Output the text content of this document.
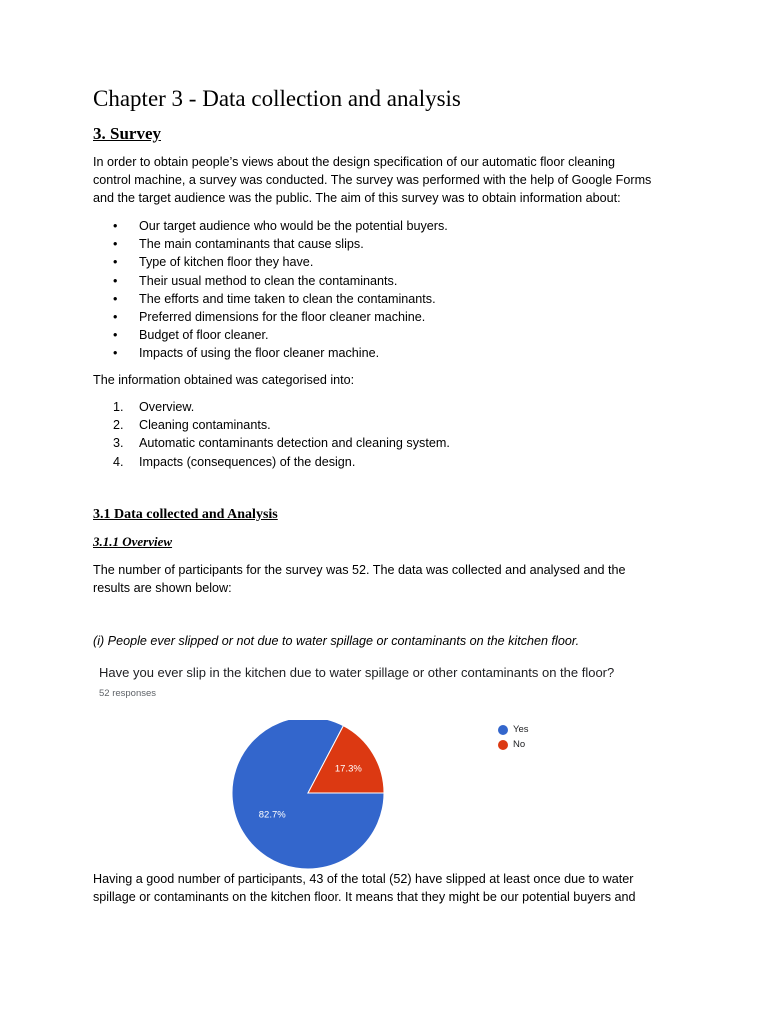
Chapter 3 - Data collection and analysis
3. Survey
In order to obtain people’s views about the design specification of our automatic floor cleaning
control machine, a survey was conducted. The survey was performed with the help of Google Forms
and the target audience was the public. The aim of this survey was to obtain information about:
• Our target audience who would be the potential buyers.
• The main contaminants that cause slips.
• Type of kitchen floor they have.
• Their usual method to clean the contaminants.
• The efforts and time taken to clean the contaminants.
• Preferred dimensions for the floor cleaner machine.
• Budget of floor cleaner.
• Impacts of using the floor cleaner machine.
The information obtained was categorised into:
1. Overview.
2. Cleaning contaminants.
3. Automatic contaminants detection and cleaning system.
4. Impacts (consequences) of the design.
3.1 Data collected and Analysis
3.1.1 Overview
The number of participants for the survey was 52. The data was collected and analysed and the
results are shown below:
(i) People ever slipped or not due to water spillage or contaminants on the kitchen floor.
Have you ever slip in the kitchen due to water spillage or other contaminants on the floor?
52 responses
82.7%
17.3%
Yes
No
Having a good number of participants, 43 of the total (52) have slipped at least once due to water
spillage or contaminants on the kitchen floor. It means that they might be our potential buyers and
